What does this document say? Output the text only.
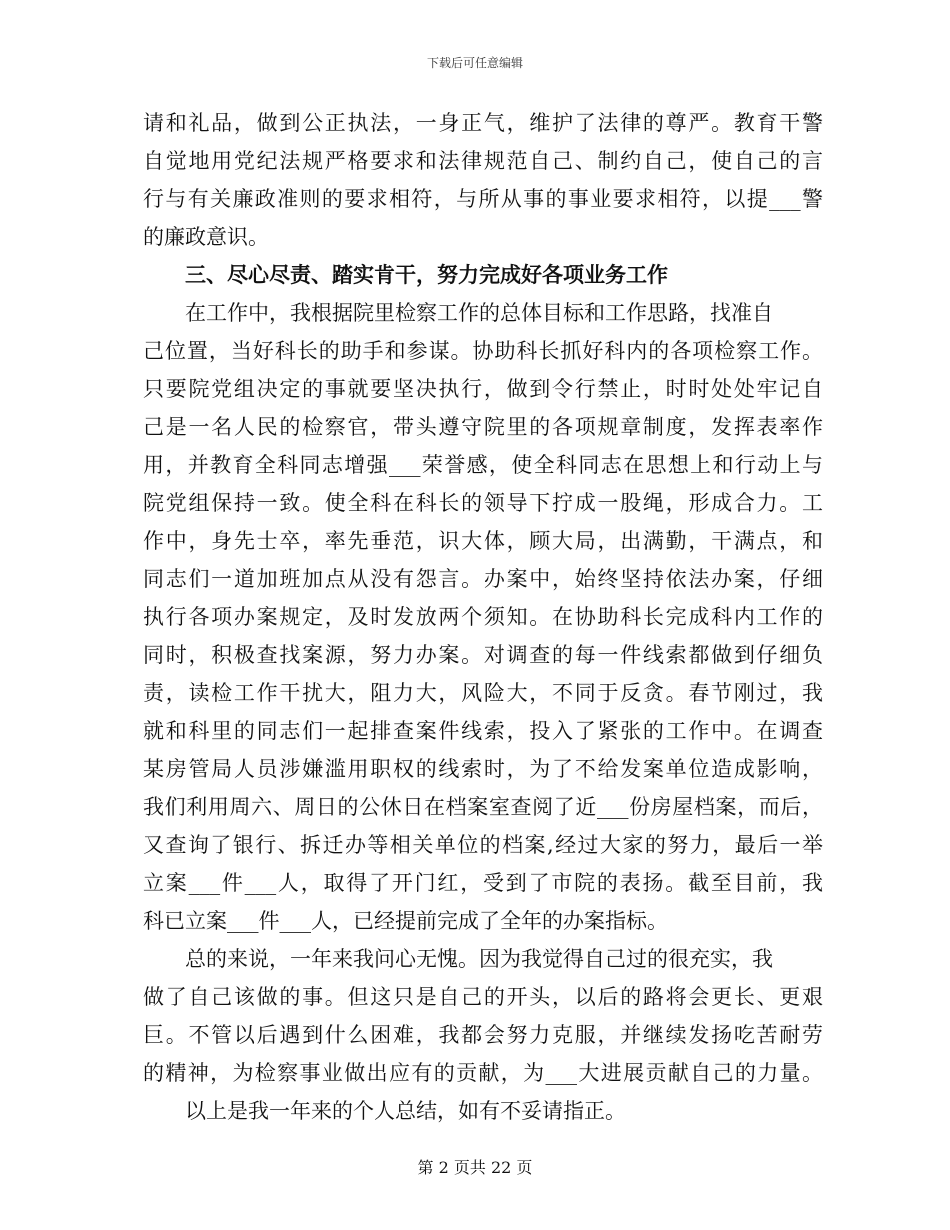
下载后可任意编辑
请和礼品，做到公正执法，一身正气，维护了法律的尊严。教育干警
自觉地用党纪法规严格要求和法律规范自己、制约自己，使自己的言
行与有关廉政准则的要求相符，与所从事的事业要求相符，以提___警
的廉政意识。
三、尽心尽责、踏实肯干，努力完成好各项业务工作
在工作中，我根据院里检察工作的总体目标和工作思路，找准自
己位置，当好科长的助手和参谋。协助科长抓好科内的各项检察工作。
只要院党组决定的事就要坚决执行，做到令行禁止，时时处处牢记自
己是一名人民的检察官，带头遵守院里的各项规章制度，发挥表率作
用，并教育全科同志增强___荣誉感，使全科同志在思想上和行动上与
院党组保持一致。使全科在科长的领导下拧成一股绳，形成合力。工
作中，身先士卒，率先垂范，识大体，顾大局，出满勤，干满点，和
同志们一道加班加点从没有怨言。办案中，始终坚持依法办案，仔细
执行各项办案规定，及时发放两个须知。在协助科长完成科内工作的
同时，积极查找案源，努力办案。对调查的每一件线索都做到仔细负
责，读检工作干扰大，阻力大，风险大，不同于反贪。春节刚过，我
就和科里的同志们一起排查案件线索，投入了紧张的工作中。在调查
某房管局人员涉嫌滥用职权的线索时，为了不给发案单位造成影响，
我们利用周六、周日的公休日在档案室查阅了近___份房屋档案，而后，
又查询了银行、拆迁办等相关单位的档案,经过大家的努力，最后一举
立案___件___人，取得了开门红，受到了市院的表扬。截至目前，我
科已立案___件___人，已经提前完成了全年的办案指标。
总的来说，一年来我问心无愧。因为我觉得自己过的很充实，我
做了自己该做的事。但这只是自己的开头，以后的路将会更长、更艰
巨。不管以后遇到什么困难，我都会努力克服，并继续发扬吃苦耐劳
的精神，为检察事业做出应有的贡献，为___大进展贡献自己的力量。
以上是我一年来的个人总结，如有不妥请指正。
第 2 页共 22 页
